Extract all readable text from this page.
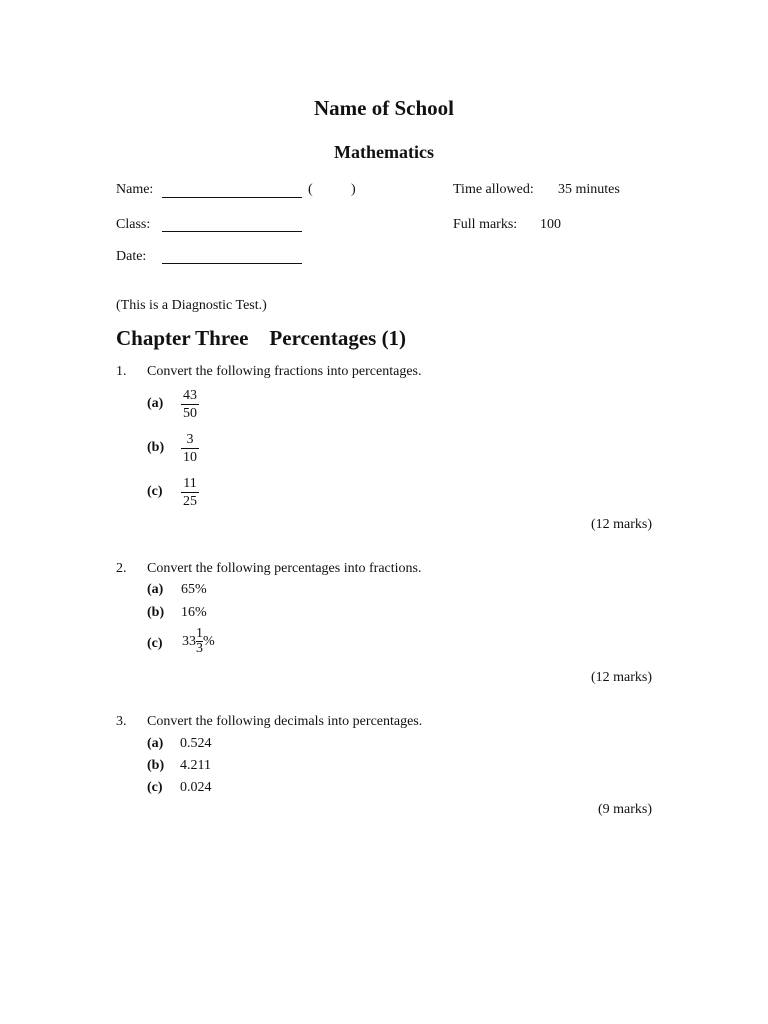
Name of School
Mathematics
Name:	(	)
Class:
Date:
Time allowed: 35 minutes
Full marks: 100
(This is a Diagnostic Test.)
Chapter Three    Percentages (1)
1. Convert the following fractions into percentages.
(a)
43
50
(b)
3
10
(c)
11
25
(12 marks)
2. Convert the following percentages into fractions.
(a) 65%
(b) 16%
(c) 33 1
3 %
(12 marks)
3. Convert the following decimals into percentages.
(a) 0.524
(b) 4.211
(c) 0.024
(9 marks)
